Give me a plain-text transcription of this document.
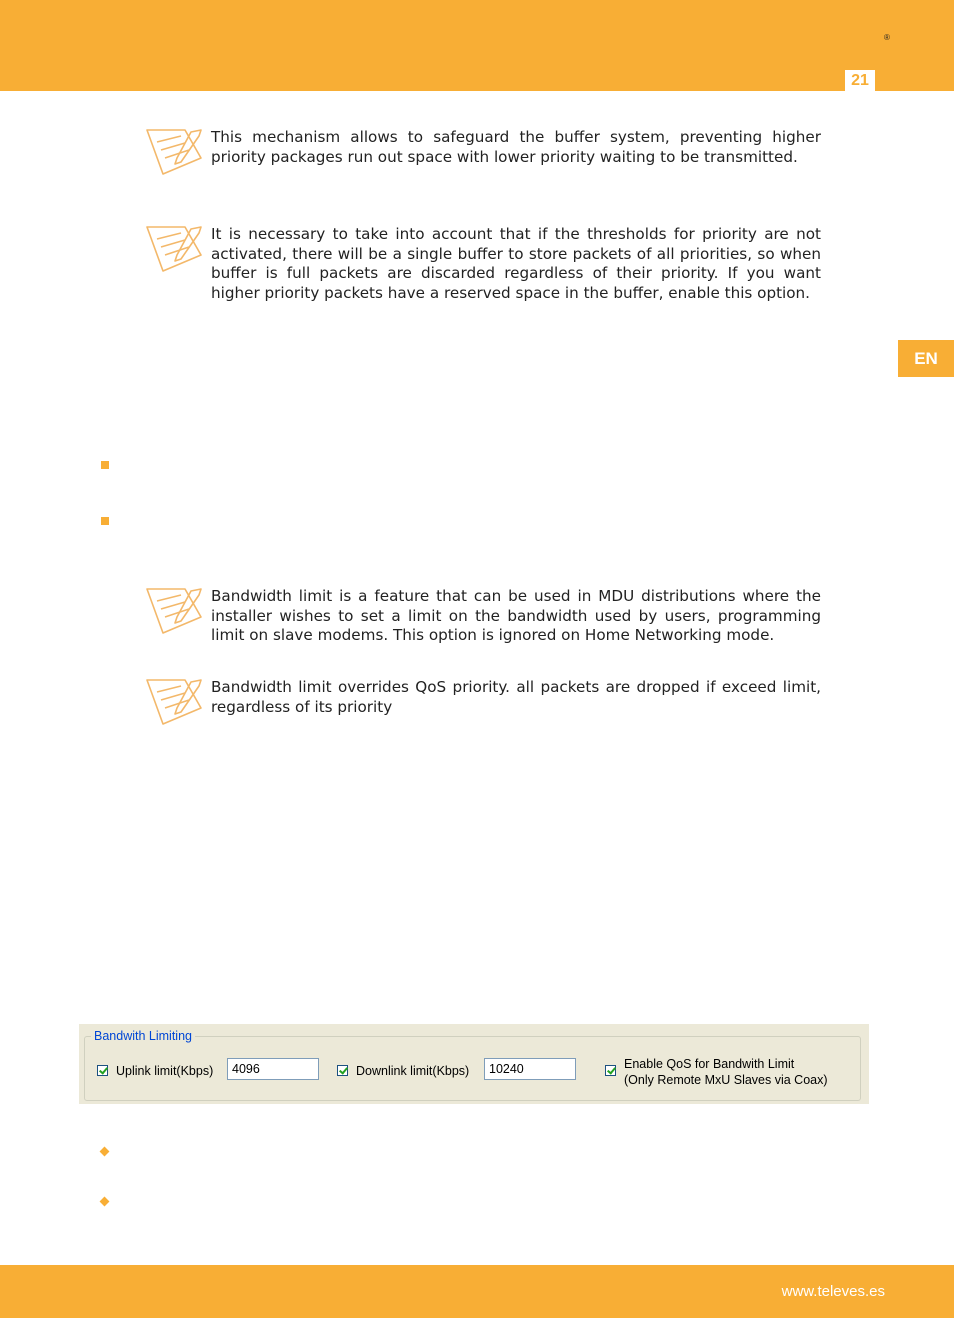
®
21
EN

This mechanism allows to safeguard the buffer system, preventing higher priority packages run out space with lower priority waiting to be transmitted.

It is necessary to take into account that if the thresholds for priority are not activated, there will be a single buffer to store packets of all priorities, so when buffer is full packets are discarded regardless of their priority. If you want higher priority packets have a reserved space in the buffer, enable this option.

Bandwidth limit is a feature that can be used in MDU distributions where the installer wishes to set a limit on the bandwidth used by users, programming limit on slave modems. This option is ignored on Home Networking mode.

Bandwidth limit overrides QoS priority. all packets are dropped if exceed limit, regardless of its priority

Bandwith Limiting
Uplink limit(Kbps)	4096	Downlink limit(Kbps)	10240	Enable QoS for Bandwith Limit
(Only Remote MxU Slaves via Coax)
www.televes.es
